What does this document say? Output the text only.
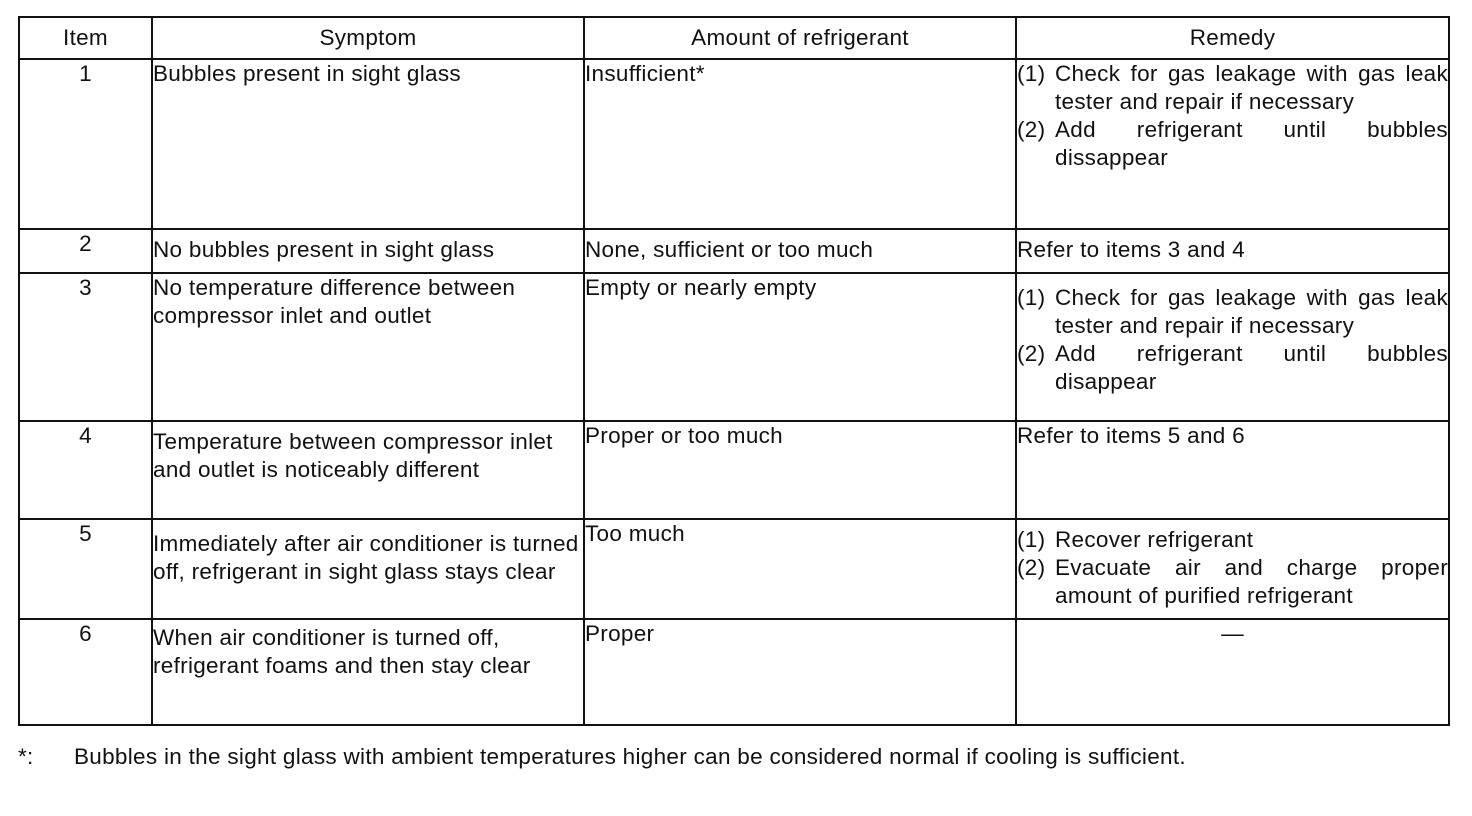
Item	Symptom	Amount of refrigerant	Remedy
1	Bubbles present in sight glass	Insufficient*	(1) Check for gas leakage with gas leak tester and repair if necessary
(2) Add refrigerant until bubbles dissappear

2	No bubbles present in sight glass	None, sufficient or too much	Refer to items 3 and 4
3	No temperature difference between compressor inlet and outlet	Empty or nearly empty	(1) Check for gas leakage with gas leak tester and repair if necessary
(2) Add refrigerant until bubbles disappear

4	Temperature between compressor inlet and outlet is noticeably different	Proper or too much	Refer to items 5 and 6
5	Immediately after air conditioner is turned off, refrigerant in sight glass stays clear	Too much	(1) Recover refrigerant
(2) Evacuate air and charge proper amount of purified refrigerant

6	When air conditioner is turned off, refrigerant foams and then stay clear	Proper	—
*:	Bubbles in the sight glass with ambient temperatures higher can be considered normal if cooling is sufficient.
